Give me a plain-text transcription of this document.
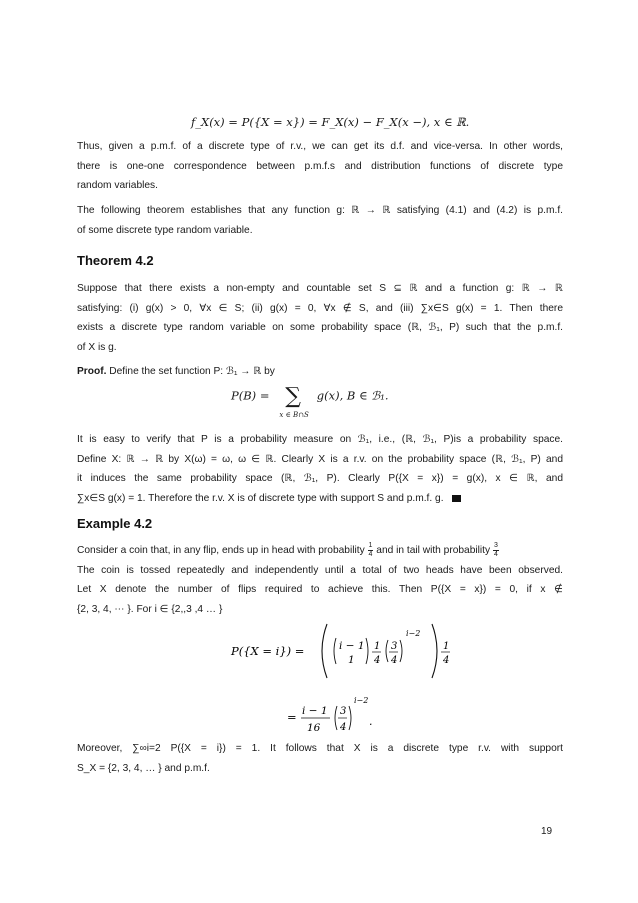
f_X(x) = P({X = x}) = F_X(x) − F_X(x −), x ∈ ℝ.
Thus, given a p.m.f. of a discrete type of r.v., we can get its d.f. and vice-versa. In other words,
there is one-one correspondence between p.m.f.s and distribution functions of discrete type
random variables.
The following theorem establishes that any function g: ℝ → ℝ satisfying (4.1) and (4.2) is p.m.f.
of some discrete type random variable.
Theorem 4.2
Suppose that there exists a non-empty and countable set S ⊆ ℝ and a function g: ℝ → ℝ
satisfying: (i) g(x) > 0, ∀x ∈ S; (ii) g(x) = 0, ∀x ∉ S, and (iii) ∑x∈S g(x) = 1. Then there
exists a discrete type random variable on some probability space (ℝ, ℬ₁, P) such that the p.m.f.
of X is g.
Proof. Define the set function P: ℬ₁ → ℝ by
P(B) = ∑
x ∈ B∩S
g(x), B ∈ ℬ₁.
It is easy to verify that P is a probability measure on ℬ₁, i.e., (ℝ, ℬ₁, P)is a probability space.
Define X: ℝ → ℝ by X(ω) = ω, ω ∈ ℝ. Clearly X is a r.v. on the probability space (ℝ, ℬ₁, P) and
it induces the same probability space (ℝ, ℬ₁, P). Clearly P({X = x}) = g(x), x ∈ ℝ, and
∑x∈S g(x) = 1. Therefore the r.v. X is of discrete type with support S and p.m.f. g.
Example 4.2
Consider a coin that, in any flip, ends up in head with probability $\frac{1}{4}$ and in tail with probability $\frac{3}{4}$
The coin is tossed repeatedly and independently until a total of two heads have been observed.
Let X denote the number of flips required to achieve this. Then P({X = x}) = 0, if x ∉
{2, 3, 4, ⋯ }. For i ∈ {2,,3 ,4 … }
P({X = i}) =	i − 1
1
1
4
3
4
i−2
1
4
= i − 1
16
3
4
i−2
.
Moreover, ∑∞i=2 P({X = i}) = 1. It follows that X is a discrete type r.v. with support
S_X = {2, 3, 4, … } and p.m.f.
19
